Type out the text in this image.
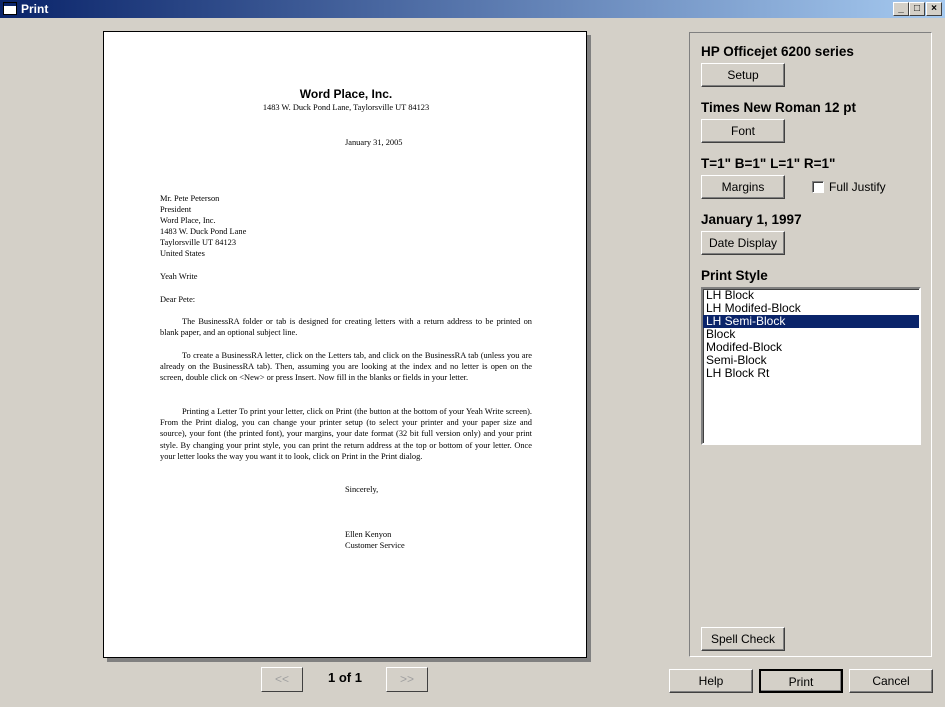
Print	_	□	×
Word Place, Inc.
1483 W. Duck Pond Lane, Taylorsville UT 84123
January 31, 2005
Mr. Pete Peterson
President
Word Place, Inc.
1483 W. Duck Pond Lane
Taylorsville UT 84123
United States
Yeah Write
Dear Pete:
The BusinessRA folder or tab is designed for creating letters with a return address to be printed on blank paper, and an optional subject line.
To create a BusinessRA letter, click on the Letters tab, and click on the BusinessRA tab (unless you are already on the BusinessRA tab). Then, assuming you are looking at the index and no letter is open on the screen, double click on <New> or press Insert. Now fill in the blanks or fields in your letter.
Printing a Letter To print your letter, click on Print (the button at the bottom of your Yeah Write screen). From the Print dialog, you can change your printer setup (to select your printer and your paper size and source), your font (the printed font), your margins, your date format (32 bit full version only) and your print style. By changing your print style, you can print the return address at the top or bottom of your letter. Once your letter looks the way you want it to look, click on Print in the Print dialog.
Sincerely,
Ellen Kenyon
Customer Service
<<	1 of 1	>>
HP Officejet 6200 series
Setup
Times New Roman 12 pt
Font
T=1" B=1" L=1" R=1"
Margins	Full Justify
January 1, 1997
Date Display
Print Style
LH Block
LH Modifed-Block
LH Semi-Block
Block
Modifed-Block
Semi-Block
LH Block Rt
Spell Check
Help	Print	Cancel
